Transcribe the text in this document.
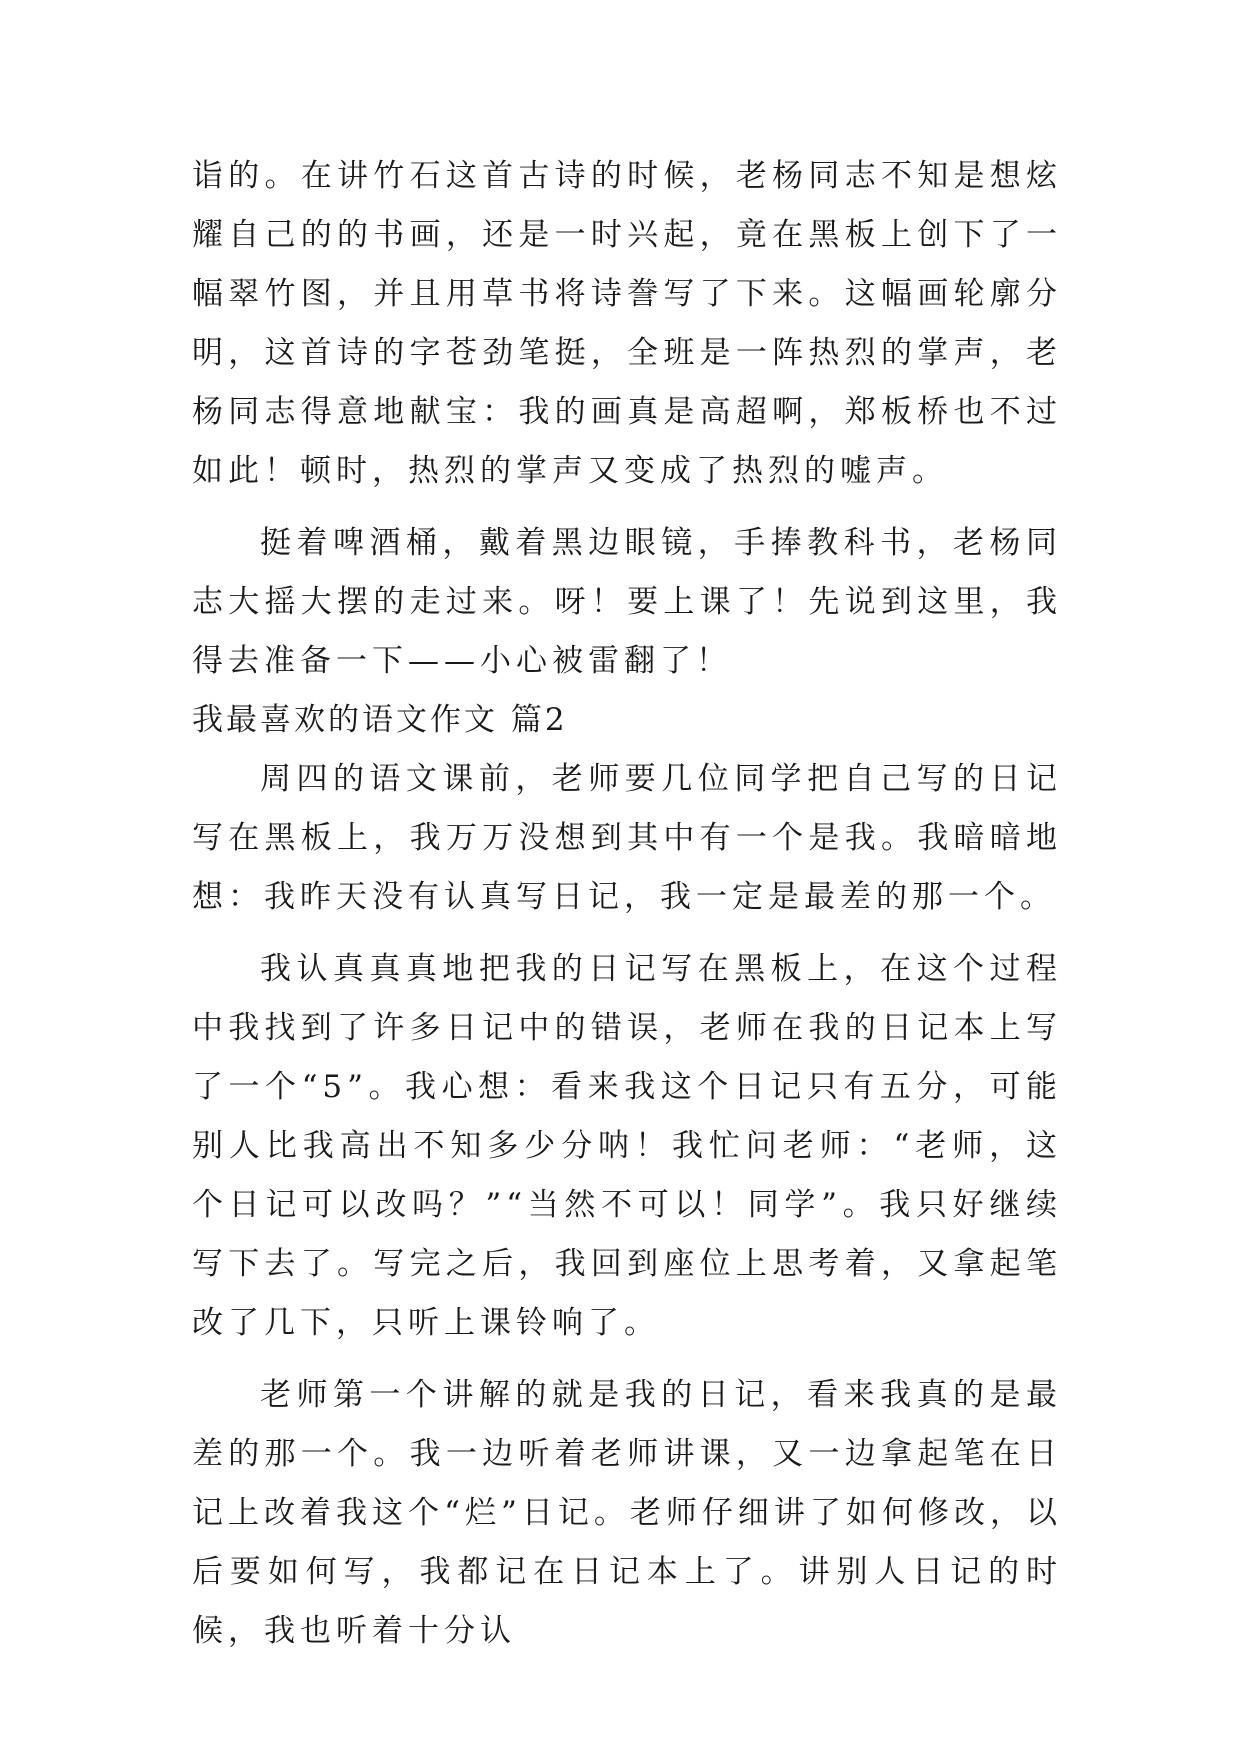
诣的。在讲竹石这首古诗的时候，老杨同志不知是想炫耀自己的的书画，还是一时兴起，竟在黑板上创下了一幅翠竹图，并且用草书将诗誊写了下来。这幅画轮廓分明，这首诗的字苍劲笔挺，全班是一阵热烈的掌声，老杨同志得意地献宝：我的画真是高超啊，郑板桥也不过如此！顿时，热烈的掌声又变成了热烈的嘘声。

挺着啤酒桶，戴着黑边眼镜，手捧教科书，老杨同志大摇大摆的走过来。呀！要上课了！先说到这里，我得去准备一下——小心被雷翻了！

我最喜欢的语文作文 篇2

周四的语文课前，老师要几位同学把自己写的日记写在黑板上，我万万没想到其中有一个是我。我暗暗地想：我昨天没有认真写日记，我一定是最差的那一个。

我认真真真地把我的日记写在黑板上，在这个过程中我找到了许多日记中的错误，老师在我的日记本上写了一个“5”。我心想：看来我这个日记只有五分，可能别人比我高出不知多少分呐！我忙问老师：“老师，这个日记可以改吗？”“当然不可以！同学”。我只好继续写下去了。写完之后，我回到座位上思考着，又拿起笔改了几下，只听上课铃响了。

老师第一个讲解的就是我的日记，看来我真的是最差的那一个。我一边听着老师讲课，又一边拿起笔在日记上改着我这个“烂”日记。老师仔细讲了如何修改，以后要如何写，我都记在日记本上了。讲别人日记的时候，我也听着十分认
